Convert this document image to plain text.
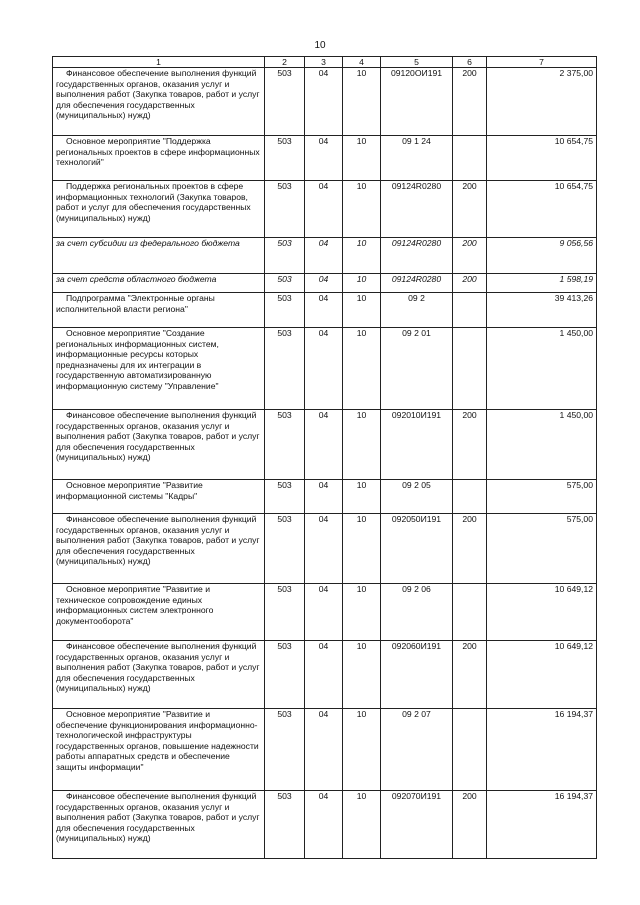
10
1	2	3	4	5	6	7
Финансовое обеспечение выполнения функций государственных органов, оказания услуг и выполнения работ (Закупка товаров, работ и услуг для обеспечения государственных (муниципальных) нужд)	503	04	10	09120ОИ191	200	2 375,00
Основное мероприятие "Поддержка региональных проектов в сфере информационных технологий"	503	04	10	09 1 24		10 654,75
Поддержка региональных проектов в сфере информационных технологий (Закупка товаров, работ и услуг для обеспечения государственных (муниципальных) нужд)	503	04	10	09124R0280	200	10 654,75
за счет субсидии из федерального бюджета	503	04	10	09124R0280	200	9 056,56
за счет средств областного бюджета	503	04	10	09124R0280	200	1 598,19
Подпрограмма "Электронные органы исполнительной власти региона"	503	04	10	09 2		39 413,26
Основное мероприятие "Создание региональных информационных систем, информационные ресурсы которых предназначены для их интеграции в государственную автоматизированную информационную систему "Управление"	503	04	10	09 2 01		1 450,00
Финансовое обеспечение выполнения функций государственных органов, оказания услуг и выполнения работ (Закупка товаров, работ и услуг для обеспечения государственных (муниципальных) нужд)	503	04	10	092010И191	200	1 450,00
Основное мероприятие "Развитие информационной системы "Кадры"	503	04	10	09 2 05		575,00
Финансовое обеспечение выполнения функций государственных органов, оказания услуг и выполнения работ (Закупка товаров, работ и услуг для обеспечения государственных (муниципальных) нужд)	503	04	10	092050И191	200	575,00
Основное мероприятие "Развитие и техническое сопровождение единых информационных систем электронного документооборота"	503	04	10	09 2 06		10 649,12
Финансовое обеспечение выполнения функций государственных органов, оказания услуг и выполнения работ (Закупка товаров, работ и услуг для обеспечения государственных (муниципальных) нужд)	503	04	10	092060И191	200	10 649,12
Основное мероприятие "Развитие и обеспечение функционирования информационно-технологической инфраструктуры государственных органов, повышение надежности работы аппаратных средств и обеспечение защиты информации"	503	04	10	09 2 07		16 194,37
Финансовое обеспечение выполнения функций государственных органов, оказания услуг и выполнения работ (Закупка товаров, работ и услуг для обеспечения государственных (муниципальных) нужд)	503	04	10	092070И191	200	16 194,37
